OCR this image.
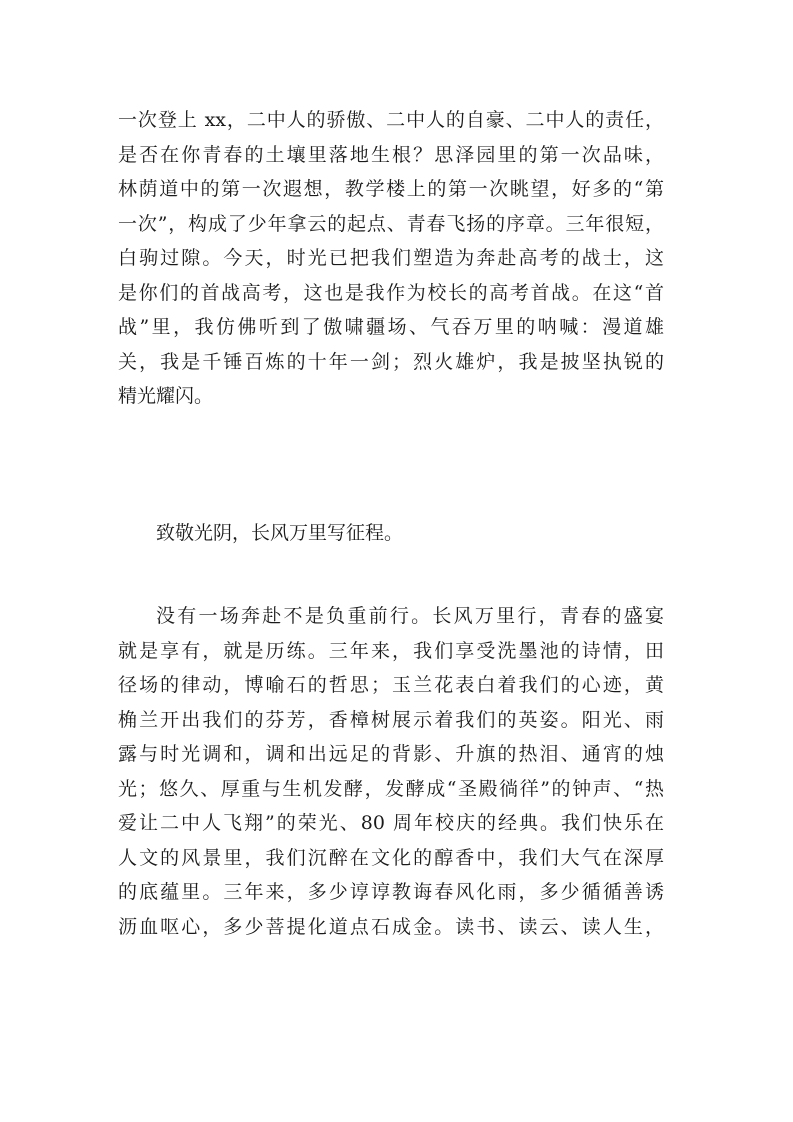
一次登上 xx，二中人的骄傲、二中人的自豪、二中人的责任，
是否在你青春的土壤里落地生根？思泽园里的第一次品味，
林荫道中的第一次遐想，教学楼上的第一次眺望，好多的“第
一次”，构成了少年拿云的起点、青春飞扬的序章。三年很短，
白驹过隙。今天，时光已把我们塑造为奔赴高考的战士，这
是你们的首战高考，这也是我作为校长的高考首战。在这“首
战”里，我仿佛听到了傲啸疆场、气吞万里的呐喊：漫道雄
关，我是千锤百炼的十年一剑；烈火雄炉，我是披坚执锐的
精光耀闪。
致敬光阴，长风万里写征程。
没有一场奔赴不是负重前行。长风万里行，青春的盛宴
就是享有，就是历练。三年来，我们享受洗墨池的诗情，田
径场的律动，博喻石的哲思；玉兰花表白着我们的心迹，黄
桷兰开出我们的芬芳，香樟树展示着我们的英姿。阳光、雨
露与时光调和，调和出远足的背影、升旗的热泪、通宵的烛
光；悠久、厚重与生机发酵，发酵成“圣殿徜徉”的钟声、“热
爱让二中人飞翔”的荣光、80 周年校庆的经典。我们快乐在
人文的风景里，我们沉醉在文化的醇香中，我们大气在深厚
的底蕴里。三年来，多少谆谆教诲春风化雨，多少循循善诱
沥血呕心，多少菩提化道点石成金。读书、读云、读人生，
